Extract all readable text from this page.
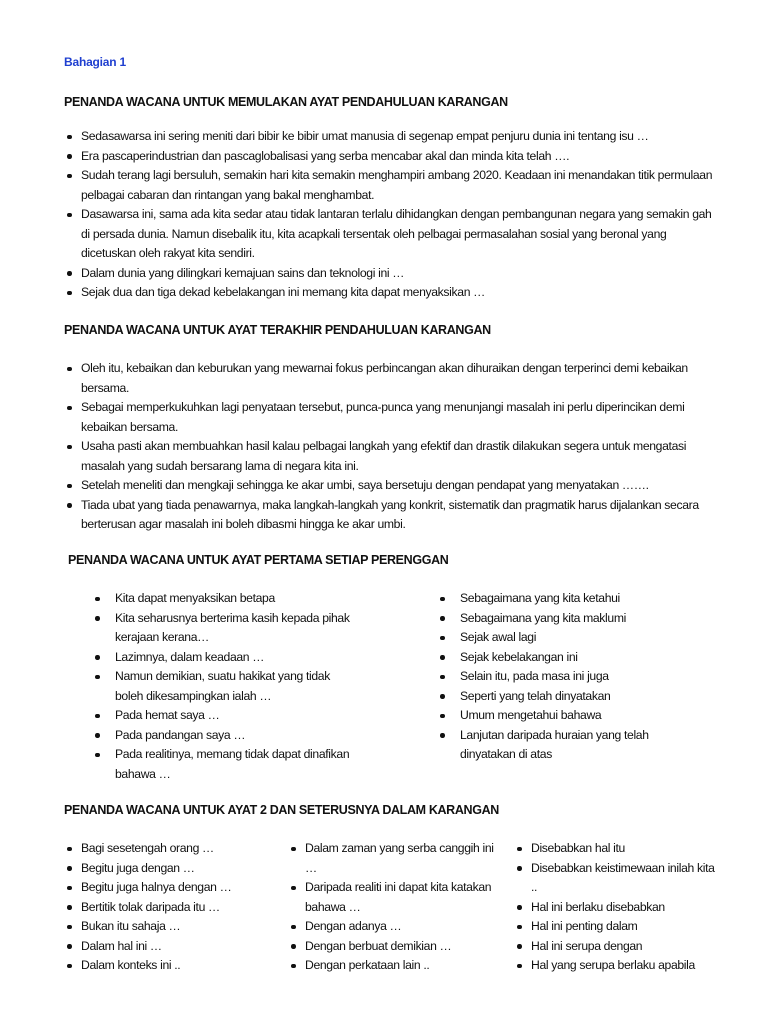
Bahagian 1
PENANDA WACANA UNTUK MEMULAKAN AYAT PENDAHULUAN KARANGAN
Sedasawarsa ini sering meniti dari bibir ke bibir umat manusia di segenap empat penjuru dunia ini tentang isu …
Era pascaperindustrian dan pascaglobalisasi yang serba mencabar akal dan minda kita telah ….
Sudah terang lagi bersuluh, semakin hari kita semakin menghampiri ambang 2020. Keadaan ini menandakan titik permulaan pelbagai cabaran dan rintangan yang bakal menghambat.
Dasawarsa ini, sama ada kita sedar atau tidak lantaran terlalu dihidangkan dengan pembangunan negara yang semakin gah di persada dunia. Namun disebalik itu, kita acapkali tersentak oleh pelbagai permasalahan sosial yang beronal yang dicetuskan oleh rakyat kita sendiri.
Dalam dunia yang dilingkari kemajuan sains dan teknologi ini …
Sejak dua dan tiga dekad kebelakangan ini memang kita dapat menyaksikan …
PENANDA WACANA UNTUK AYAT TERAKHIR PENDAHULUAN KARANGAN
Oleh itu, kebaikan dan keburukan yang mewarnai fokus perbincangan akan dihuraikan dengan terperinci demi kebaikan bersama.
Sebagai memperkukuhkan lagi penyataan tersebut, punca-punca yang menunjangi masalah ini perlu diperincikan demi kebaikan bersama.
Usaha pasti akan membuahkan hasil kalau pelbagai langkah yang efektif dan drastik dilakukan segera untuk mengatasi masalah yang sudah bersarang lama di negara kita ini.
Setelah meneliti dan mengkaji sehingga ke akar umbi, saya bersetuju dengan pendapat yang menyatakan …….
Tiada ubat yang tiada penawarnya, maka langkah-langkah yang konkrit, sistematik dan pragmatik harus dijalankan secara berterusan agar masalah ini boleh dibasmi hingga ke akar umbi.
PENANDA WACANA UNTUK AYAT PERTAMA SETIAP PERENGGAN
Kita dapat menyaksikan betapa
Kita seharusnya berterima kasih kepada pihak kerajaan kerana…
Lazimnya, dalam keadaan …
Namun demikian, suatu hakikat yang tidak boleh dikesampingkan ialah …
Pada hemat saya …
Pada pandangan saya …
Pada realitinya, memang tidak dapat dinafikan bahawa …
Sebagaimana yang kita ketahui
Sebagaimana yang kita maklumi
Sejak awal lagi
Sejak kebelakangan ini
Selain itu, pada masa ini juga
Seperti yang telah dinyatakan
Umum mengetahui bahawa
Lanjutan daripada huraian yang telah dinyatakan di atas
PENANDA WACANA UNTUK AYAT 2 DAN SETERUSNYA DALAM KARANGAN
Bagi sesetengah orang …
Begitu juga dengan …
Begitu juga halnya dengan …
Bertitik tolak daripada itu …
Bukan itu sahaja …
Dalam hal ini …
Dalam konteks ini ..
Dalam zaman yang serba canggih ini …
Daripada realiti ini dapat kita katakan bahawa …
Dengan adanya …
Dengan berbuat demikian …
Dengan perkataan lain ..
Disebabkan hal itu
Disebabkan keistimewaan inilah kita ..
Hal ini berlaku disebabkan
Hal ini penting dalam
Hal ini serupa dengan
Hal yang serupa berlaku apabila
